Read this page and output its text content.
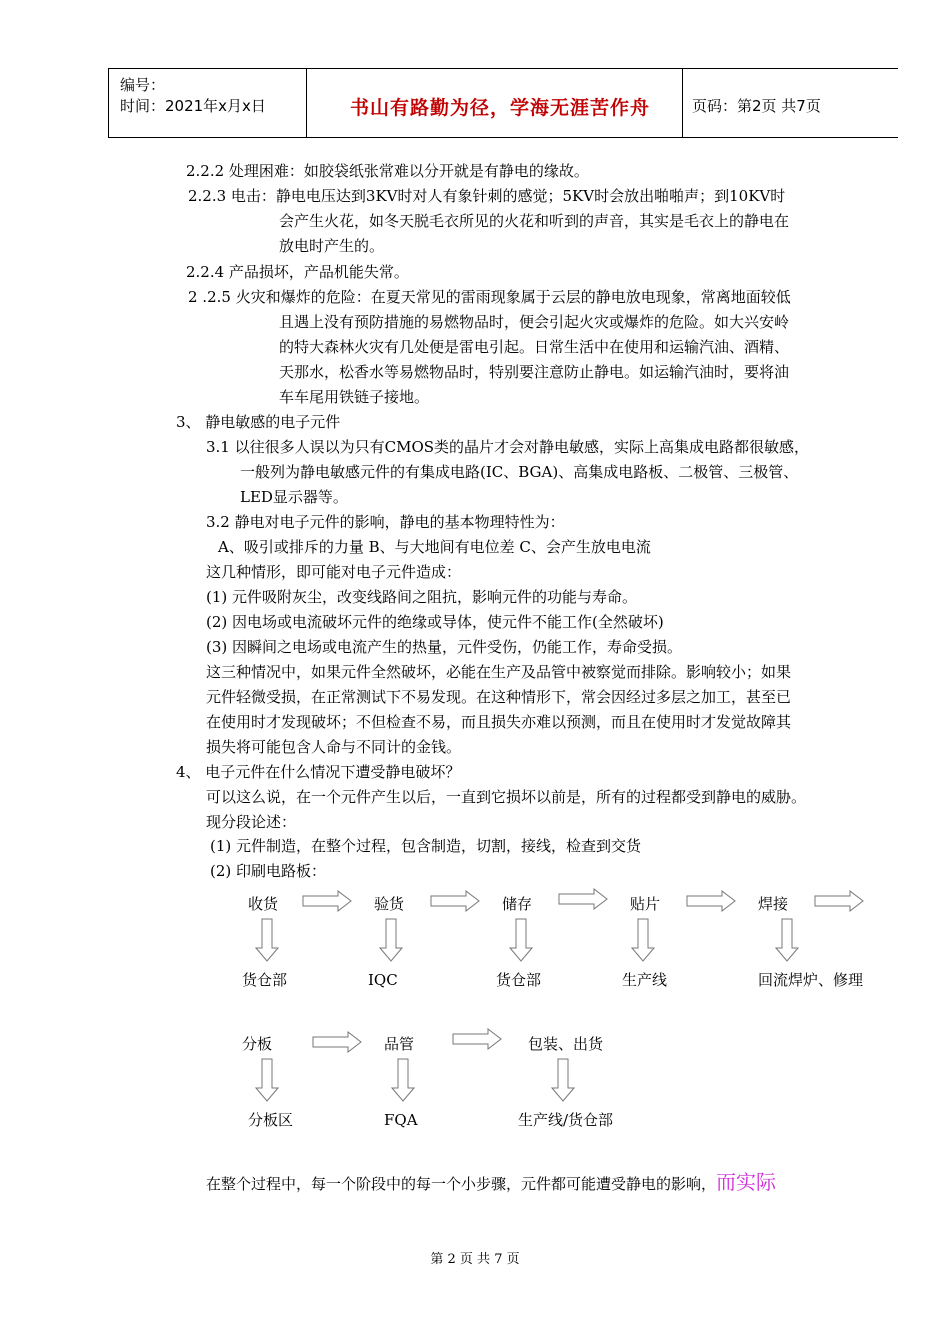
编号：
时间：2021年x月x日	书山有路勤为径，学海无涯苦作舟	页码：第2页 共7页
2.2.2 处理困难：如胶袋纸张常难以分开就是有静电的缘故。
2.2.3 电击：静电电压达到3KV时对人有象针刺的感觉；5KV时会放出啪啪声；到10KV时
会产生火花，如冬天脱毛衣所见的火花和听到的声音，其实是毛衣上的静电在
放电时产生的。
2.2.4 产品损坏，产品机能失常。
2 .2.5 火灾和爆炸的危险：在夏天常见的雷雨现象属于云层的静电放电现象，常离地面较低
且遇上没有预防措施的易燃物品时，便会引起火灾或爆炸的危险。如大兴安岭
的特大森林火灾有几处便是雷电引起。日常生活中在使用和运输汽油、酒精、
天那水，松香水等易燃物品时，特别要注意防止静电。如运输汽油时，要将油
车车尾用铁链子接地。
3、 静电敏感的电子元件
3.1 以往很多人误以为只有CMOS类的晶片才会对静电敏感，实际上高集成电路都很敏感，
一般列为静电敏感元件的有集成电路(IC、BGA)、高集成电路板、二极管、三极管、
LED显示器等。
3.2 静电对电子元件的影响，静电的基本物理特性为：
A、吸引或排斥的力量 B、与大地间有电位差 C、会产生放电电流
这几种情形，即可能对电子元件造成：
(1) 元件吸附灰尘，改变线路间之阻抗，影响元件的功能与寿命。
(2) 因电场或电流破坏元件的绝缘或导体，使元件不能工作(全然破坏)
(3) 因瞬间之电场或电流产生的热量，元件受伤，仍能工作，寿命受损。
这三种情况中，如果元件全然破坏，必能在生产及品管中被察觉而排除。影响较小；如果
元件轻微受损，在正常测试下不易发现。在这种情形下，常会因经过多层之加工，甚至已
在使用时才发现破坏；不但检查不易，而且损失亦难以预测，而且在使用时才发觉故障其
损失将可能包含人命与不同计的金钱。
4、 电子元件在什么情况下遭受静电破坏？
可以这么说，在一个元件产生以后，一直到它损坏以前是，所有的过程都受到静电的威胁。
现分段论述：
(1) 元件制造，在整个过程，包含制造，切割，接线，检查到交货
(2) 印刷电路板：
收货	验货	储存	贴片	焊接
货仓部	IQC	货仓部	生产线	回流焊炉、修理
分板	品管	包装、出货
分板区	FQA	生产线/货仓部
在整个过程中，每一个阶段中的每一个小步骤，元件都可能遭受静电的影响，而实际
第 2 页 共 7 页
